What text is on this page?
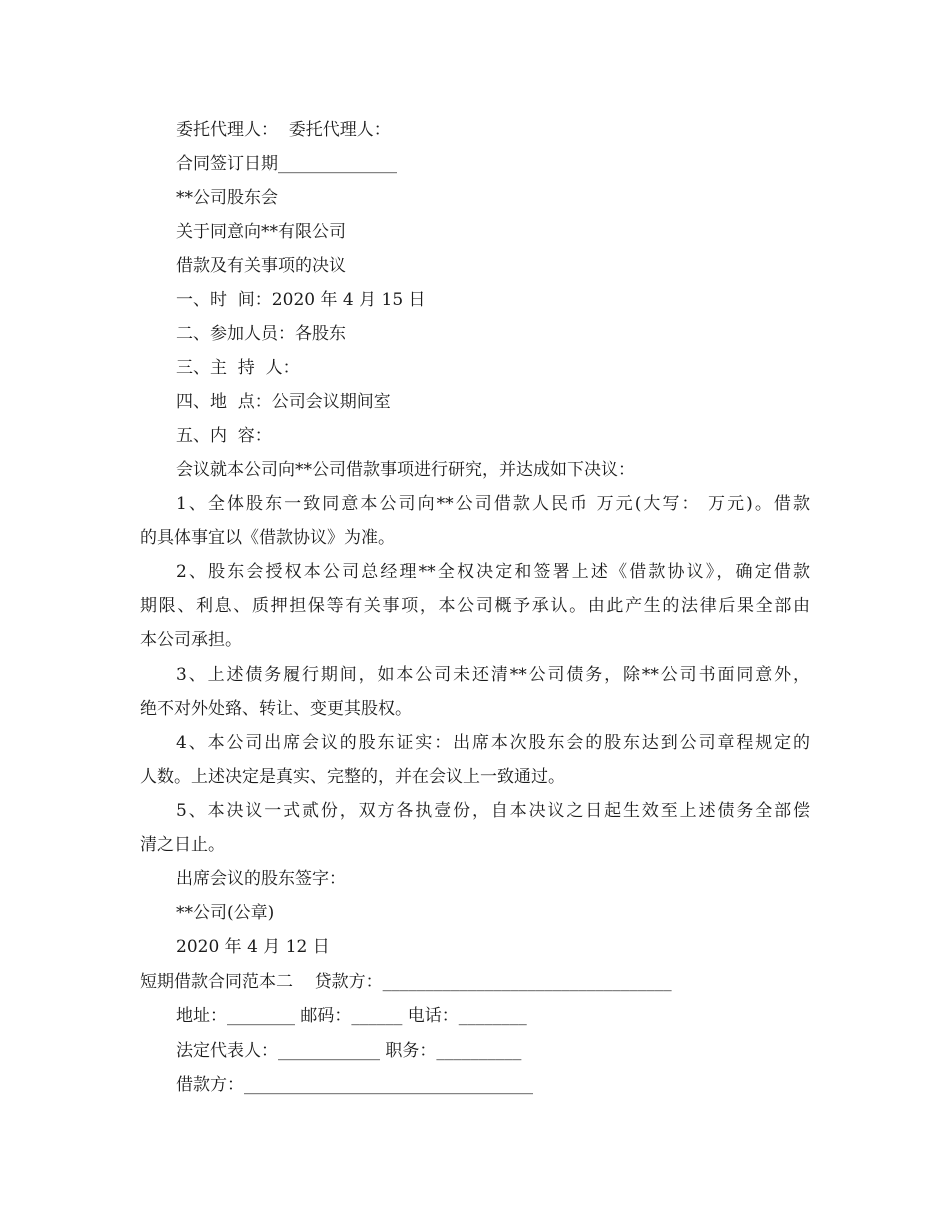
委托代理人：  委托代理人：

合同签订日期______________

**公司股东会

关于同意向**有限公司

借款及有关事项的决议

一、时  间：2020 年 4 月 15 日

二、参加人员：各股东

三、主  持  人：

四、地  点：公司会议期间室

五、内  容：

会议就本公司向**公司借款事项进行研究，并达成如下决议：

1、全体股东一致同意本公司向**公司借款人民币 万元(大写： 万元)。借款

的具体事宜以《借款协议》为准。

2、股东会授权本公司总经理**全权决定和签署上述《借款协议》，确定借款

期限、利息、质押担保等有关事项，本公司概予承认。由此产生的法律后果全部由

本公司承担。

3、上述债务履行期间，如本公司未还清**公司债务，除**公司书面同意外，

绝不对外处臵、转让、变更其股权。

4、本公司出席会议的股东证实：出席本次股东会的股东达到公司章程规定的

人数。上述决定是真实、完整的，并在会议上一致通过。

5、本决议一式贰份，双方各执壹份，自本决议之日起生效至上述债务全部偿

清之日止。

出席会议的股东签字：

**公司(公章)

2020 年 4 月 12 日

短期借款合同范本二    贷款方：__________________________________

地址：________ 邮码：______ 电话：________

法定代表人：____________ 职务：__________

借款方：__________________________________
